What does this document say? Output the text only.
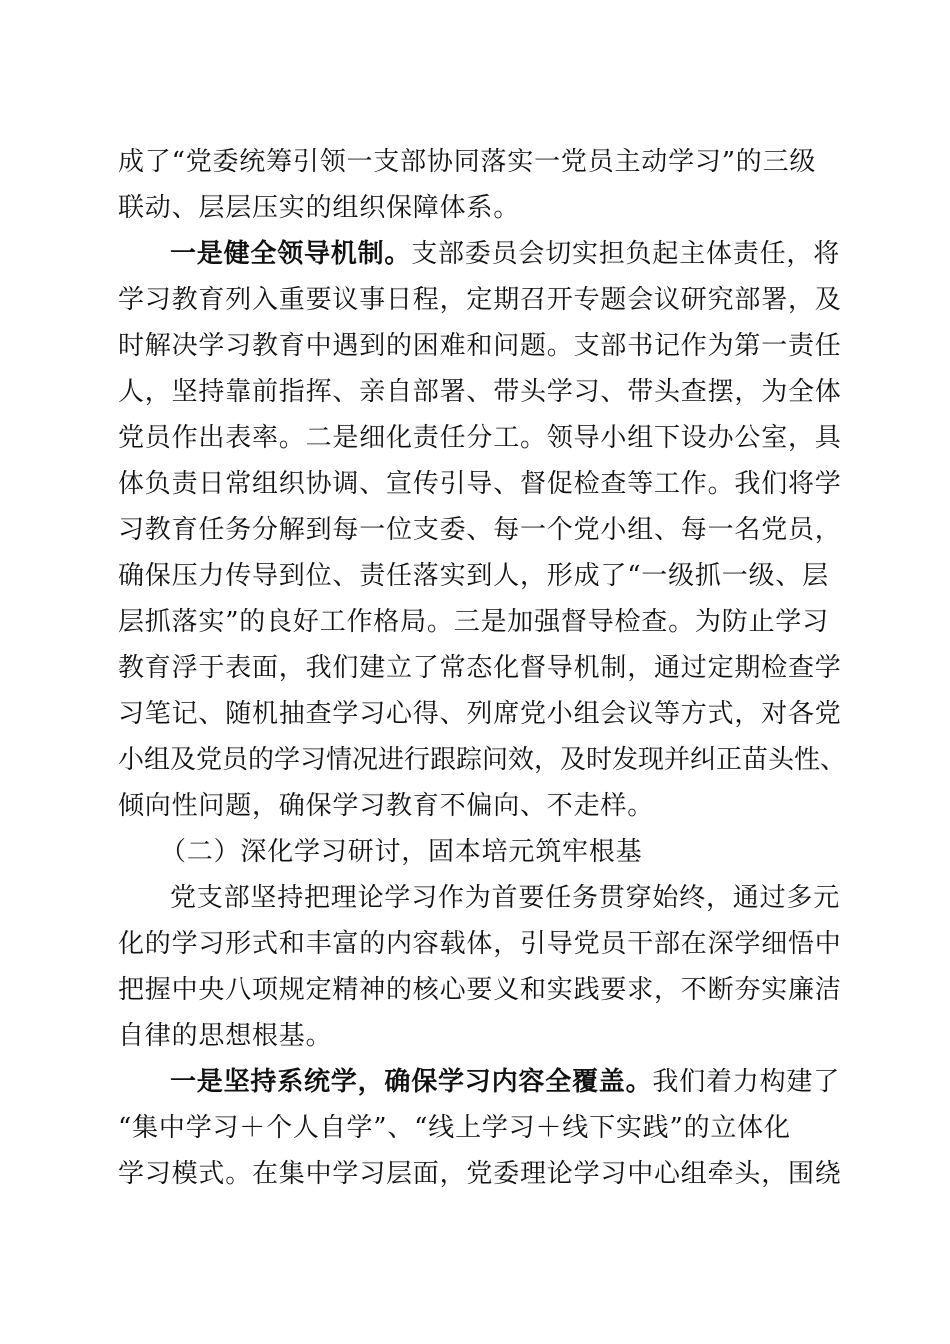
成了“党委统筹引领一支部协同落实一党员主动学习”的三级
联动、层层压实的组织保障体系。
一是健全领导机制。支部委员会切实担负起主体责任，将
学习教育列入重要议事日程，定期召开专题会议研究部署，及
时解决学习教育中遇到的困难和问题。支部书记作为第一责任
人，坚持靠前指挥、亲自部署、带头学习、带头查摆，为全体
党员作出表率。二是细化责任分工。领导小组下设办公室，具
体负责日常组织协调、宣传引导、督促检查等工作。我们将学
习教育任务分解到每一位支委、每一个党小组、每一名党员，
确保压力传导到位、责任落实到人，形成了“一级抓一级、层
层抓落实”的良好工作格局。三是加强督导检查。为防止学习
教育浮于表面，我们建立了常态化督导机制，通过定期检查学
习笔记、随机抽查学习心得、列席党小组会议等方式，对各党
小组及党员的学习情况进行跟踪问效，及时发现并纠正苗头性、
倾向性问题，确保学习教育不偏向、不走样。
（二）深化学习研讨，固本培元筑牢根基
党支部坚持把理论学习作为首要任务贯穿始终，通过多元
化的学习形式和丰富的内容载体，引导党员干部在深学细悟中
把握中央八项规定精神的核心要义和实践要求，不断夯实廉洁
自律的思想根基。
一是坚持系统学，确保学习内容全覆盖。我们着力构建了
“集中学习＋个人自学”、“线上学习＋线下实践”的立体化
学习模式。在集中学习层面，党委理论学习中心组牵头，围绕
